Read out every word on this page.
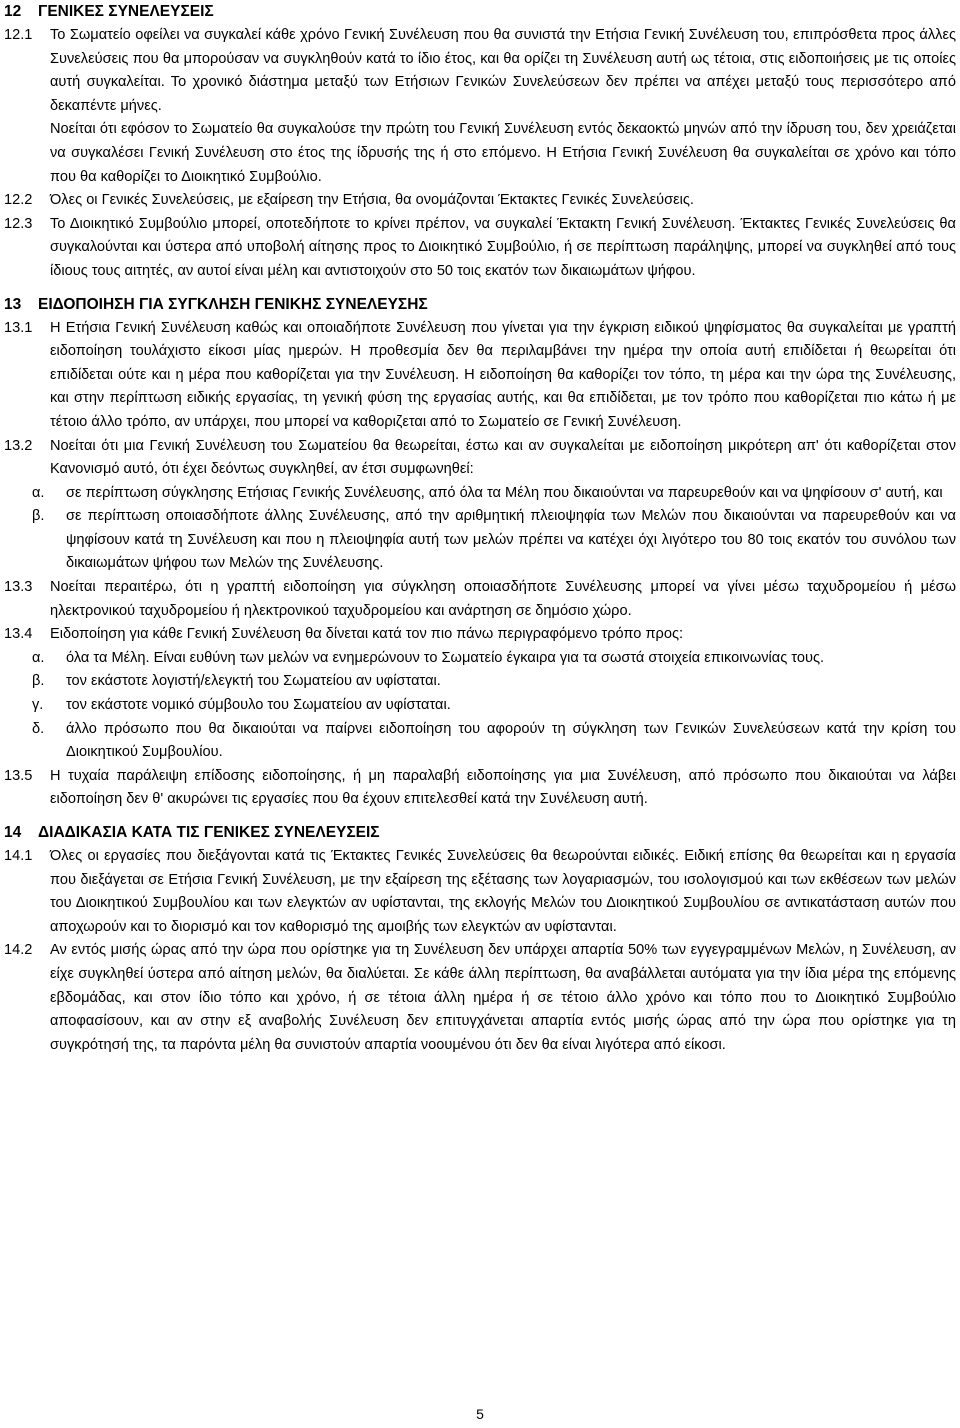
12 ΓΕΝΙΚΕΣ ΣΥΝΕΛΕΥΣΕΙΣ
12.1 Το Σωματείο οφείλει να συγκαλεί κάθε χρόνο Γενική Συνέλευση που θα συνιστά την Ετήσια Γενική Συνέλευση του, επιπρόσθετα προς άλλες Συνελεύσεις που θα μπορούσαν να συγκληθούν κατά το ίδιο έτος, και θα ορίζει τη Συνέλευση αυτή ως τέτοια, στις ειδοποιήσεις με τις οποίες αυτή συγκαλείται. Το χρονικό διάστημα μεταξύ των Ετήσιων Γενικών Συνελεύσεων δεν πρέπει να απέχει μεταξύ τους περισσότερο από δεκαπέντε μήνες.

Νοείται ότι εφόσον το Σωματείο θα συγκαλούσε την πρώτη του Γενική Συνέλευση εντός δεκαοκτώ μηνών από την ίδρυση του, δεν χρειάζεται να συγκαλέσει Γενική Συνέλευση στο έτος της ίδρυσής της ή στο επόμενο. Η Ετήσια Γενική Συνέλευση θα συγκαλείται σε χρόνο και τόπο που θα καθορίζει το Διοικητικό Συμβούλιο.

12.2 Όλες οι Γενικές Συνελεύσεις, με εξαίρεση την Ετήσια, θα ονομάζονται Έκτακτες Γενικές Συνελεύσεις.

12.3 Το Διοικητικό Συμβούλιο μπορεί, οποτεδήποτε το κρίνει πρέπον, να συγκαλεί Έκτακτη Γενική Συνέλευση. Έκτακτες Γενικές Συνελεύσεις θα συγκαλούνται και ύστερα από υποβολή αίτησης προς το Διοικητικό Συμβούλιο, ή σε περίπτωση παράληψης, μπορεί να συγκληθεί από τους ίδιους τους αιτητές, αν αυτοί είναι μέλη και αντιστοιχούν στο 50 τοις εκατόν των δικαιωμάτων ψήφου.

13 ΕΙΔΟΠΟΙΗΣΗ ΓΙΑ ΣΥΓΚΛΗΣΗ ΓΕΝΙΚΗΣ ΣΥΝΕΛΕΥΣΗΣ
13.1 Η Ετήσια Γενική Συνέλευση καθώς και οποιαδήποτε Συνέλευση που γίνεται για την έγκριση ειδικού ψηφίσματος θα συγκαλείται με γραπτή ειδοποίηση τουλάχιστο είκοσι μίας ημερών. Η προθεσμία δεν θα περιλαμβάνει την ημέρα την οποία αυτή επιδίδεται ή θεωρείται ότι επιδίδεται ούτε και η μέρα που καθορίζεται για την Συνέλευση. Η ειδοποίηση θα καθορίζει τον τόπο, τη μέρα και την ώρα της Συνέλευσης, και στην περίπτωση ειδικής εργασίας, τη γενική φύση της εργασίας αυτής, και θα επιδίδεται, με τον τρόπο που καθορίζεται πιο κάτω ή με τέτοιο άλλο τρόπο, αν υπάρχει, που μπορεί να καθοριζεται από το Σωματείο σε Γενική Συνέλευση.

13.2 Νοείται ότι μια Γενική Συνέλευση του Σωματείου θα θεωρείται, έστω και αν συγκαλείται με ειδοποίηση μικρότερη απ' ότι καθορίζεται στον Κανονισμό αυτό, ότι έχει δεόντως συγκληθεί, αν έτσι συμφωνηθεί:

α. σε περίπτωση σύγκλησης Ετήσιας Γενικής Συνέλευσης, από όλα τα Μέλη που δικαιούνται να παρευρεθούν και να ψηφίσουν σ' αυτή, και
β. σε περίπτωση οποιασδήποτε άλλης Συνέλευσης, από την αριθμητική πλειοψηφία των Μελών που δικαιούνται να παρευρεθούν και να ψηφίσουν κατά τη Συνέλευση και που η πλειοψηφία αυτή των μελών πρέπει να κατέχει όχι λιγότερο του 80 τοις εκατόν του συνόλου των δικαιωμάτων ψήφου των Μελών της Συνέλευσης.
13.3 Νοείται περαιτέρω, ότι η γραπτή ειδοποίηση για σύγκληση οποιασδήποτε Συνέλευσης μπορεί να γίνει μέσω ταχυδρομείου ή μέσω ηλεκτρονικού ταχυδρομείου ή ηλεκτρονικού ταχυδρομείου και ανάρτηση σε δημόσιο χώρο.

13.4 Ειδοποίηση για κάθε Γενική Συνέλευση θα δίνεται κατά τον πιο πάνω περιγραφόμενο τρόπο προς:

α. όλα τα Μέλη. Είναι ευθύνη των μελών να ενημερώνουν το Σωματείο έγκαιρα για τα σωστά στοιχεία επικοινωνίας τους.
β. τον εκάστοτε λογιστή/ελεγκτή του Σωματείου αν υφίσταται.
γ. τον εκάστοτε νομικό σύμβουλο του Σωματείου αν υφίσταται.
δ. άλλο πρόσωπο που θα δικαιούται να παίρνει ειδοποίηση του αφορούν τη σύγκληση των Γενικών Συνελεύσεων κατά την κρίση του Διοικητικού Συμβουλίου.
13.5 Η τυχαία παράλειψη επίδοσης ειδοποίησης, ή μη παραλαβή ειδοποίησης για μια Συνέλευση, από πρόσωπο που δικαιούται να λάβει ειδοποίηση δεν θ' ακυρώνει τις εργασίες που θα έχουν επιτελεσθεί κατά την Συνέλευση αυτή.

14 ΔΙΑΔΙΚΑΣΙΑ ΚΑΤΑ ΤΙΣ ΓΕΝΙΚΕΣ ΣΥΝΕΛΕΥΣΕΙΣ
14.1 Όλες οι εργασίες που διεξάγονται κατά τις Έκτακτες Γενικές Συνελεύσεις θα θεωρούνται ειδικές. Ειδική επίσης θα θεωρείται και η εργασία που διεξάγεται σε Ετήσια Γενική Συνέλευση, με την εξαίρεση της εξέτασης των λογαριασμών, του ισολογισμού και των εκθέσεων των μελών του Διοικητικού Συμβουλίου και των ελεγκτών αν υφίστανται, της εκλογής Μελών του Διοικητικού Συμβουλίου σε αντικατάσταση αυτών που αποχωρούν και το διορισμό και τον καθορισμό της αμοιβής των ελεγκτών αν υφίστανται.

14.2 Αν εντός μισής ώρας από την ώρα που ορίστηκε για τη Συνέλευση δεν υπάρχει απαρτία 50% των εγγεγραμμένων Μελών, η Συνέλευση, αν είχε συγκληθεί ύστερα από αίτηση μελών, θα διαλύεται. Σε κάθε άλλη περίπτωση, θα αναβάλλεται αυτόματα για την ίδια μέρα της επόμενης εβδομάδας, και στον ίδιο τόπο και χρόνο, ή σε τέτοια άλλη ημέρα ή σε τέτοιο άλλο χρόνο και τόπο που το Διοικητικό Συμβούλιο αποφασίσουν, και αν στην εξ αναβολής Συνέλευση δεν επιτυγχάνεται απαρτία εντός μισής ώρας από την ώρα που ορίστηκε για τη συγκρότησή της, τα παρόντα μέλη θα συνιστούν απαρτία νοουμένου ότι δεν θα είναι λιγότερα από είκοσι.

5
